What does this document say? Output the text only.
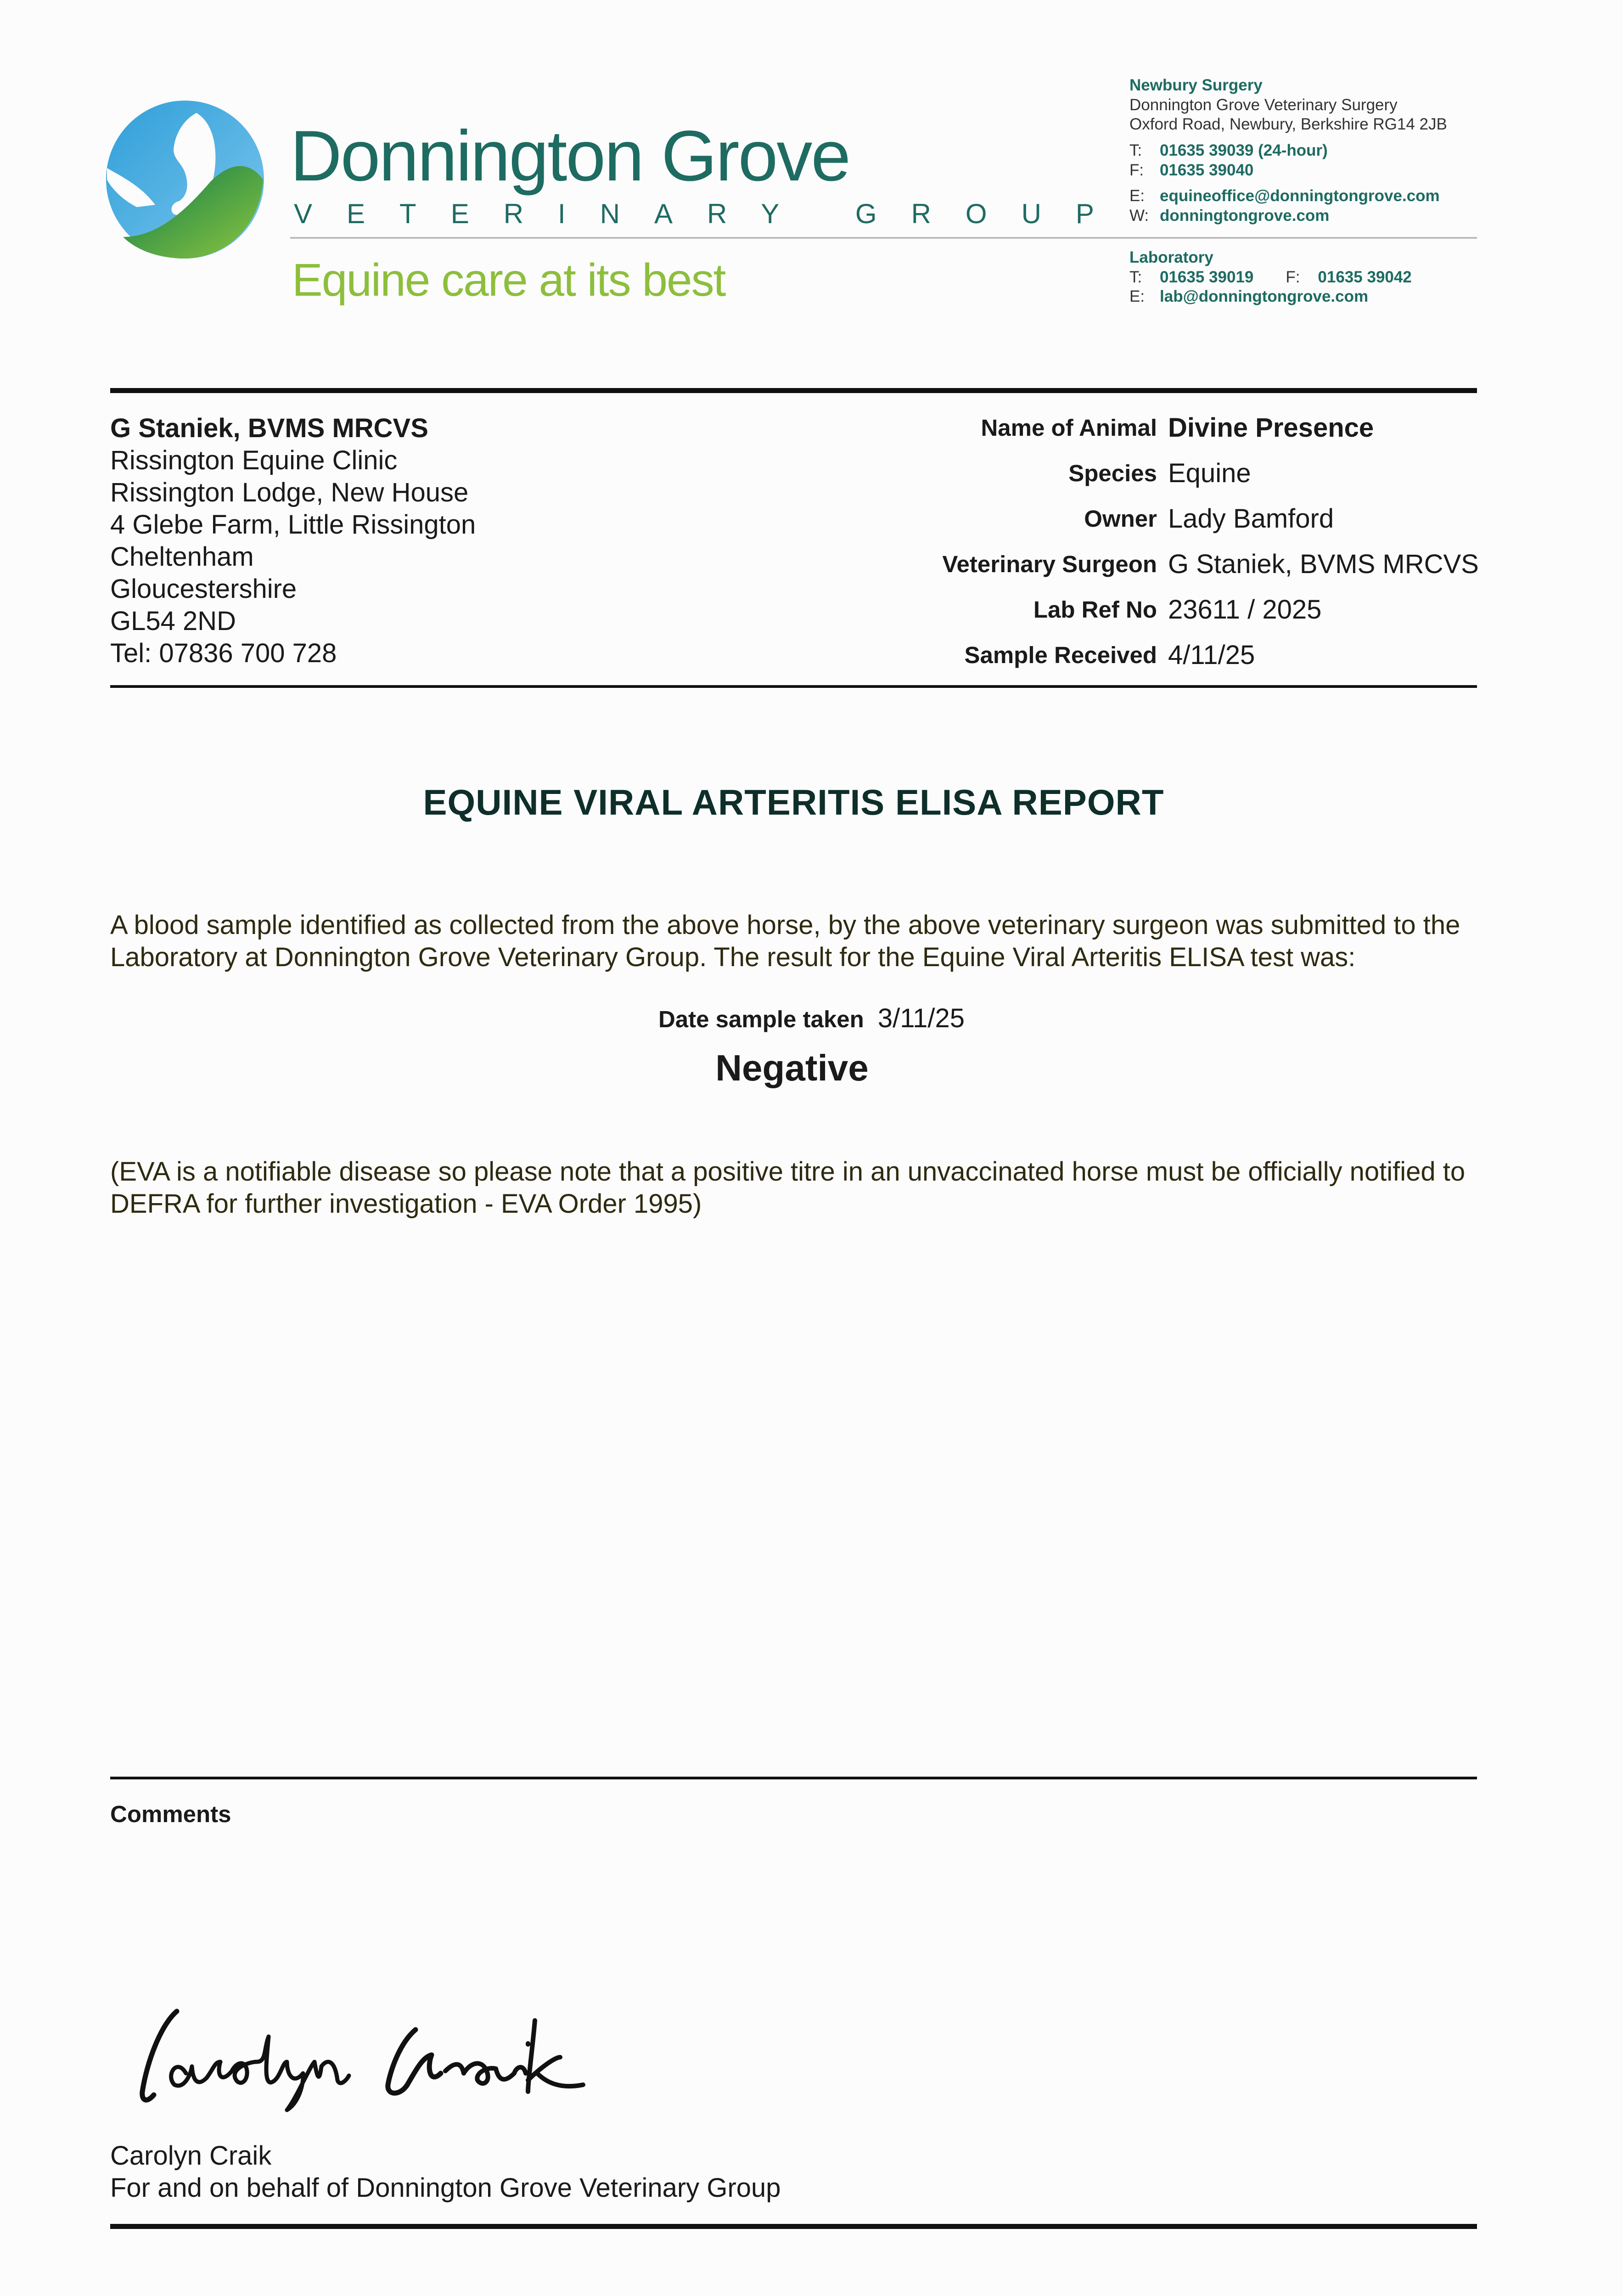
Donnington Grove
VETERINARY GROUP
Equine care at its best
Newbury Surgery
Donnington Grove Veterinary Surgery
Oxford Road, Newbury, Berkshire RG14 2JB
T: 01635 39039 (24-hour)
F: 01635 39040
E: equineoffice@donningtongrove.com
W: donningtongrove.com
Laboratory
T: 01635 39019 F: 01635 39042
E: lab@donningtongrove.com
G Staniek, BVMS MRCVS
Rissington Equine Clinic
Rissington Lodge, New House
4 Glebe Farm, Little Rissington
Cheltenham
Gloucestershire
GL54 2ND
Tel: 07836 700 728
Name of Animal Divine Presence
Species Equine
Owner Lady Bamford
Veterinary Surgeon G Staniek, BVMS MRCVS
Lab Ref No 23611 / 2025
Sample Received 4/11/25
EQUINE VIRAL ARTERITIS ELISA REPORT
A blood sample identified as collected from the above horse, by the above veterinary surgeon was submitted to the Laboratory at Donnington Grove Veterinary Group. The result for the Equine Viral Arteritis ELISA test was:
Date sample taken 3/11/25
Negative
(EVA is a notifiable disease so please note that a positive titre in an unvaccinated horse must be officially notified to DEFRA for further investigation - EVA Order 1995)
Comments
Carolyn Craik
For and on behalf of Donnington Grove Veterinary Group
